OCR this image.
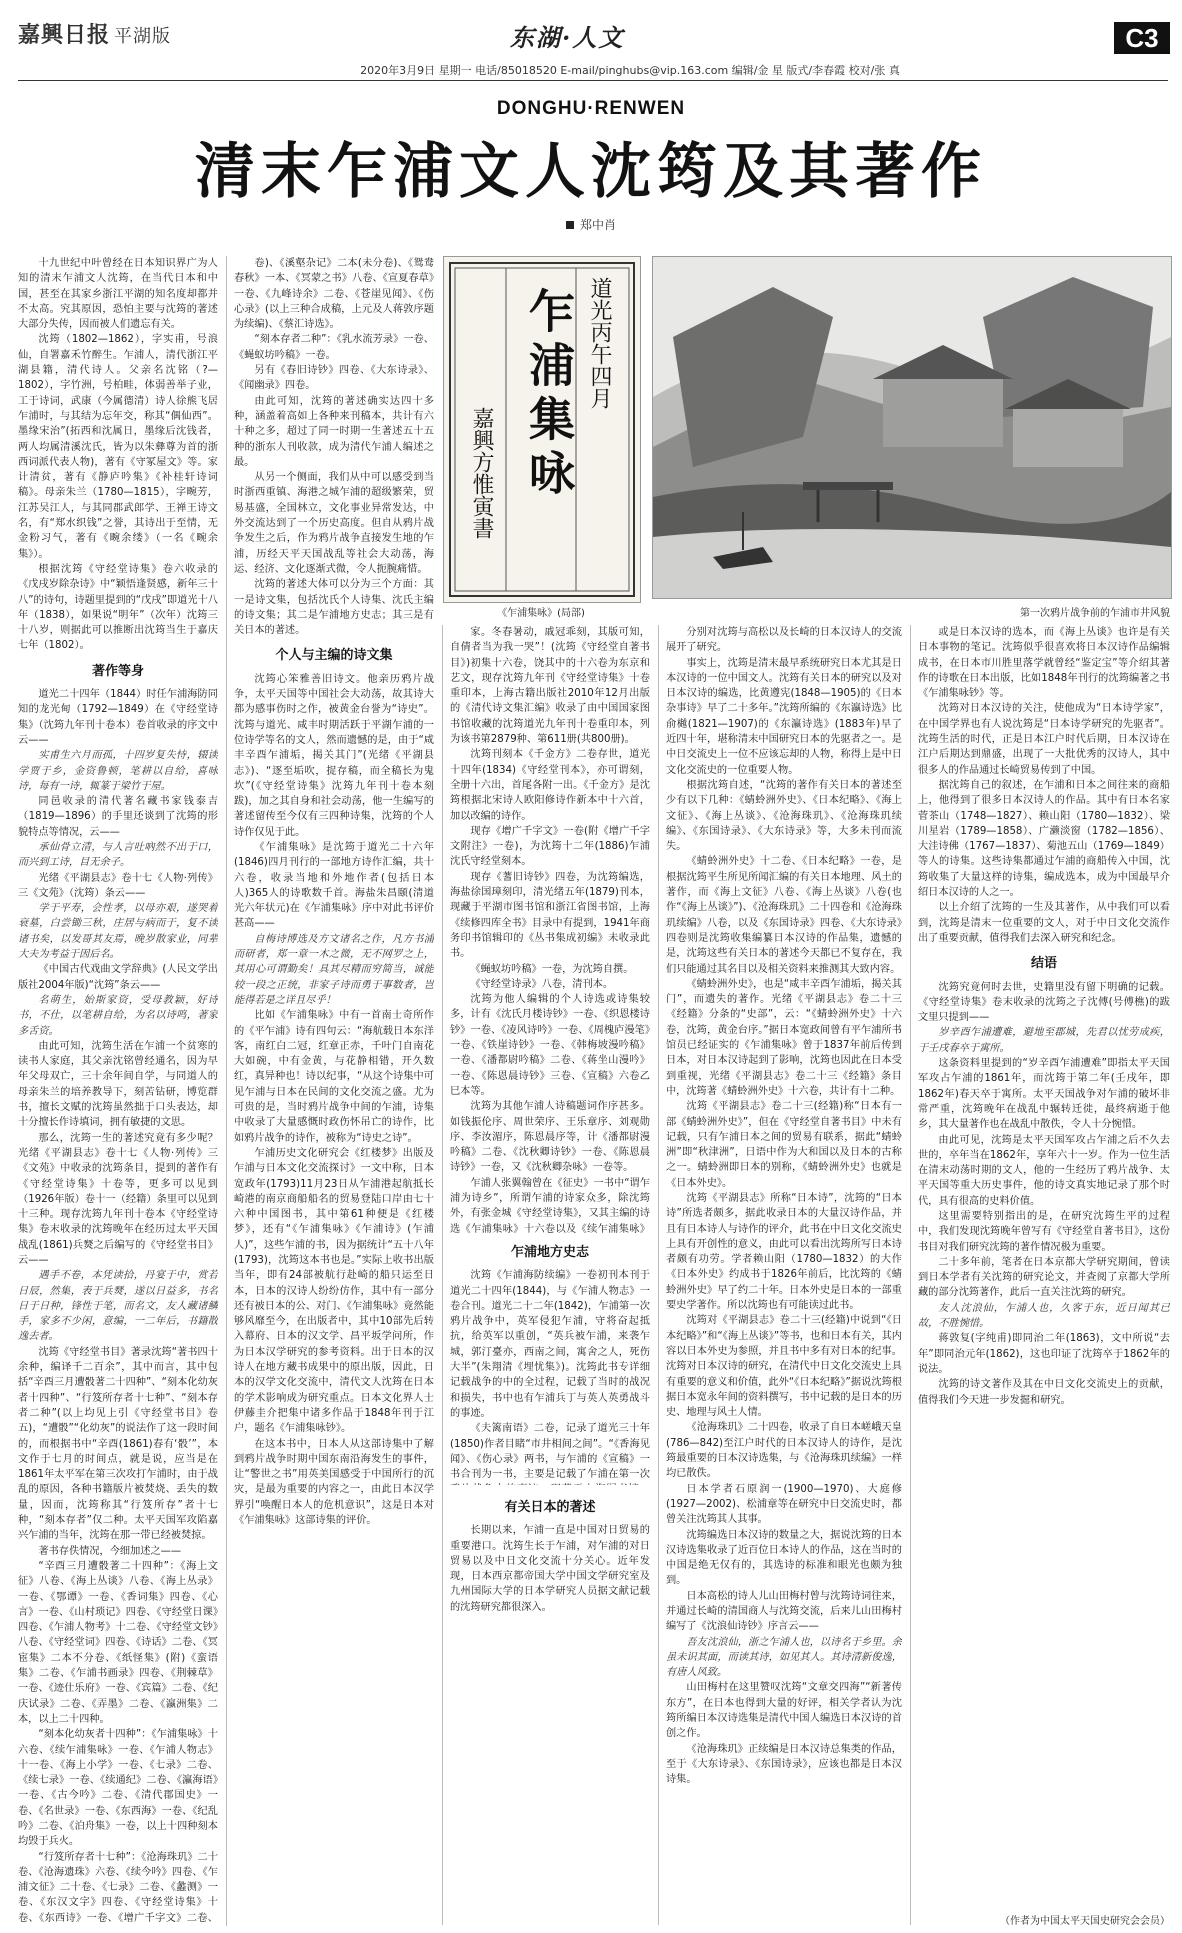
嘉興日报 平湖版	东湖·人文	C3
2020年3月9日 星期一 电话/85018520 E-mail/pinghubs@vip.163.com 编辑/金 星 版式/李春霞 校对/张 真
DONGHU·RENWEN
清末乍浦文人沈筠及其著作
郑中肖

十九世纪中叶曾经在日本知识界广为人知的清末乍浦文人沈筠，在当代日本和中国，甚至在其家乡浙江平湖的知名度却都并不太高。究其原因，恐怕主要与沈筠的著述大部分失传，因而被人们遗忘有关。

沈筠（1802—1862），字实甫，号浪仙，自署嘉禾竹醉生。乍浦人，清代浙江平湖县籍，清代诗人。父亲名沈铭（?—1802），字竹洲，号柏畦，体弱善举子业，工于诗词，武康（今属德清）诗人徐熊飞居乍浦时，与其结为忘年交，称其“偶仙西”。墨缘宋治”(拓西和沈属日，墨缘后沈钱者，两人均属清溪沈氏，皆为以朱彝尊为首的浙西词派代表人物)，著有《守冢屋文》等。家计清贫，著有《静庐吟集》《补桂轩诗词稿》。母亲朱兰（1780—1815），字畹芳，江苏吴江人，与其同郡武郎学、王禅王诗文名，有“郑水织钱”之誉，其诗出于至情，无金粉习气，著有《畹余缕》（一名《畹余集》）。

根据沈筠《守经堂诗集》卷六收录的《戊戌岁除杂诗》中“颖悟逢贤感，新年三十八”的诗句，诗题里提到的“戊戌”即道光十八年（1838），如果说“明年”（次年）沈筠三十八岁，则据此可以推断出沈筠当生于嘉庆七年（1802）。

著作等身

道光二十四年（1844）时任乍浦海防同知的龙光甸（1792—1849）在《守经堂诗集》（沈筠九年刊十卷本）卷首收录的序文中云——

实甫生六月而孤，十四岁复失恃，辍读学贾于乡，金资鲁顿，笔耕以自给，喜咏诗，每有一诗，辄篆于梁竹于屋。

同邑收录的清代著名藏书家钱泰吉（1819—1896）的手里还谈到了沈筠的形貌特点等情况，云——

承仙骨立清，与人言吐吶然不出于口，而兴到工诗，目无余子。

光绪《平湖县志》卷十七《人物·列传》三《文苑》（沈筠）条云——

学于平寿，会性孝，以母亦艰，遂哭着衰墓，白尝锄三秋，庄居与病而于，复不读诸书矣，以发哥其友焉，晚岁散家业，同辈大夫为考益于因后名。

《中国古代戏曲文学辞典》(人民文学出版社2004年版)“沈筠”条云——

名萌生，始斯家资，受母教颖，好诗书，不仕，以笔耕自给，为名以诗鸣，著家多舌资。

由此可知，沈筠生活在乍浦一个贫寒的读书人家庭，其父亲沈铭曾经通名，因为早年父母双亡，三十余年间自学，与同道人的母亲朱兰的培养教导下，刻苦钻研，博览群书，擅长文赋的沈筠虽然拙于口头表达，却十分擅长作诗填词，拥有敏捷的文思。

那么，沈筠一生的著述究竟有多少呢？光绪《平湖县志》卷十七《人物·列传》三《文苑》中收录的沈筠条目，提到的著作有《守经堂诗集》十卷等，更多可以见到（1926年版）卷十一（经籍）条里可以见到十三种。现存沈筠九年刊十卷本《守经堂诗集》卷末收录的沈筠晚年在经历过太平天国战乱(1861)兵燹之后编写的《守经堂书目》云——

遇手不卷，本凭读拾，丹宴于中，赏若日辰，然集，表于兵燹，遂以日益多，书名日于日种，锋性于笔，而名文，友人藏诸鳞手，家多不少闲，意编，一二年后，书籍散逸去者。

沈筠《守经堂书目》著录沈筠“著书四十余种，编译千二百余”，其中而言，其中包括“辛酉三月遭骰著二十四种”、“刻本化幼灰者十四种”、“行笈所存者十七种”、“刻本存者二种”(以上均见上引《守经堂书目》卷五)，“遭骰”“化幼灰”的说法作了这一段时间的，而根据书中“辛酉(1861)春有‘骰’”，本文作于七月的时间点，就是说，应当是在1861年太平军在第三次攻打乍浦时，由于战乱的原因，各种书籍版片被焚烧、丢失的数量，因而，沈筠称其“行笈所存”者十七种，“刻本存者”仅二种。太平天国军攻陷嘉兴乍浦的当年，沈筠在那一带已经被焚掠。

著书存佚情况，今细加述之——

“辛酉三月遭骰著二十四种”：《海上文征》八卷、《海上丛谈》八卷、《海上丛录》一卷、《鄂谭》一卷、《香词集》四卷、《心言》一卷、《山村琐记》四卷、《守经堂日课》四卷、《乍浦人物考》十二卷、《守经堂文钞》八卷、《守经堂词》四卷、《诗话》二卷、《冥宦集》二本不分卷、《纸怪集》(附)《蛮语集》二卷、《乍浦书画录》四卷、《荆棘草》一卷、《迹仕乐府》一卷、《宾篇》二卷、《纪庆试录》二卷、《弄墨》二卷、《瀛洲集》二本，以上二十四种。

“刻本化幼灰者十四种”：《乍浦集咏》十六卷、《续乍浦集咏》一卷、《乍浦人物志》十一卷、《海上小学》一卷、《七录》二卷、《续七录》一卷、《续通纪》二卷、《瀛海语》一卷、《古今吟》二卷、《清代郡国史》一卷、《名世录》一卷、《东西海》一卷、《纪乱吟》二卷、《泊舟集》一卷，以上十四种刻本均毁于兵火。

“行笈所存者十七种”：《沧海珠玑》二十卷、《沧海遗珠》六卷、《续今吟》四卷、《乍浦文征》二十卷、《七录》二卷、《蠡测》一卷、《东汉文字》四卷、《守经堂诗集》十卷、《东西诗》一卷、《增广千字文》二卷、

卷)、《溪壑杂记》二本(未分卷)、《鸳鸯春秋》一本、《冥蒙之书》八卷、《宣夏春草》一卷、《九峰诗余》二卷、《苍崖见闻》、《伤心录》(以上三种合成稿，上元及人蒋敦序题为续编)、《蔡汇诗选》。

“刻本存者二种”：《乳水流芳录》一卷、《蝇蚁坊吟稿》一卷。

另有《春旧诗钞》四卷、《大东诗录》、《闻幽录》四卷。

由此可知，沈筠的著述确实达四十多种，涵盖着高如上各种来刊稿本，共计有六十种之多，超过了同一时期一生著述五十五种的浙东人刊收款，成为清代乍浦人编述之最。

从另一个侧面，我们从中可以感受到当时浙西重镇、海港之城乍浦的超级繁荣，贸易基盛，全国林立，文化事业异常发达，中外交流达到了一个历史高度。但自从鸦片战争发生之后，作为鸦片战争直接发生地的乍浦，历经天平天国战乱等社会大动荡，海运、经济、文化逐渐式微，令人扼腕痛惜。

沈筠的著述大体可以分为三个方面：其一是诗文集，包括沈氏个人诗集、沈氏主编的诗文集；其二是乍浦地方史志；其三是有关日本的著述。

个人与主编的诗文集

沈筠心笨雅善旧诗文。他亲历鸦片战争，太平天国等中国社会大动荡，故其诗大都为感事伤时之作，被黄金台誉为“诗史”。沈筠与道光、咸丰时期活跃于平湖乍浦的一位诗学等名的文人，然而遗憾的是，由于“咸丰辛酉乍浦垢，揭关其门”(光绪《平湖县志》)、“逐至垢吹，捉存稿，而全稿长为鬼坎”(《守经堂诗集》沈筠九年刊十卷本刻跋)，加之其自身和社会动荡，他一生编写的著述留传至今仅有三四种诗集，沈筠的个人诗作仅见于此。

《乍浦集咏》是沈筠于道光二十六年(1846)四月刊行的一部地方诗作汇编，共十六卷，收录当地和外地作者(包括日本人)365人的诗歌数千首。海盐朱昌颐(清道光六年状元)在《乍浦集咏》序中对此书评价甚高——

自梅诗博选及方文诸名之作，凡方书浦而研者，郑一章一木之微，无不网罗之上，其用心可谓勤矣！具其尽精而穷简当，诚能较一段之正统，非家子诗而勇于事数者，岂能得若是之详且尽乎！

比如《乍浦集咏》中有一首南士奇所作的《平乍浦》诗有四句云：“海航载日本东洋客，南红白二冠，红章正赤，千叶门自南花大如碗，中有金黄，与花静相错，开久数红，真异种也！诗以纪事，“从这个诗集中可见乍浦与日本在民间的文化交流之盛。尤为可贵的是，当时鸦片战争中间的乍浦，诗集中收录了大量感慨时政伤怀吊亡的诗作，比如鸦片战争的诗作，被称为“诗史之诗”。

乍浦历史文化研究会《红楼梦》出版及乍浦与日本文化交流探讨》一文中称，日本宽政年(1793)11月23日从乍浦港起航抵长崎港的南京商船船名的贸易登陆口岸由七十六种中国图书，其中第61种便是《红楼梦》，还有“《乍浦集咏》《乍浦诗》(乍浦人)”，这些乍浦的书，因为据统计“五十八年(1793)，沈筠这本书也是。”实际上收书出版当年，即有24部被航行赴崎的船只运至日本，日本的汉诗人纷纷仿作，其中有一部分还有被日本的公、对门、《乍浦集咏》竟然能够风靡至今，在出版者中，其中10部先后转入幕府、日本的汉文学、昌平坂学问所，作为日本汉学研究的参考资料。出于日本的汉诗人在地方藏书成果中的原出版，因此，日本的汉学文化交流中，清代文人沈筠在日本的学术影响成为研究重点。日本文化界人士伊藤圭介把集中诸多作品于1848年刊于江户，题名《乍浦集咏钞》。

在这本书中，日本人从这部诗集中了解到鸦片战争时期中国东南沿海发生的事件，让“警世之书”用英美国感受于中国所行的沉灾，是最为重要的内容之一，由此日本汉学界引“唤醒日本人的危机意识”，这是日本对《乍浦集咏》这部诗集的评价。

道光丙午四月
乍浦集咏
嘉興方惟寅書
《乍浦集咏》(局部)	第一次鸦片战争前的乍浦市井风貌

家。冬春暑动，戚冠乖刻，其版可知，自倩者当为我一哭”！(沈筠《守经堂自著书目》)初集十六卷，饶其中的十六卷为东京和艺文，现存沈筠九年刊《守经堂诗集》十卷重印本，上海古籍出版社2010年12月出版的《清代诗文集汇编》收录了由中国国家图书馆收藏的沈筠道光九年刊十卷重印本，列为该书第2879种、第611册(共800册)。

沈筠刊刻本《千金方》二卷存世，道光十四年(1834)《守经堂刊本》，亦可谓刻，全册十六出，首尾各附一出。《千金方》是沈筠根据北宋诗人欧阳修诗作新本中十六首，加以改编的诗作。

现存《增广千字文》一卷(附《增广千字文附注》一卷)，为沈筠十二年(1886)乍浦沈氏守经堂刻本。

现存《蓍旧诗钞》四卷，为沈筠编选，海盐徐国璋刻印，清光绪五年(1879)刊本，现藏于平湖市图书馆和浙江省图书馆，上海《续修四库全书》目录中有提到，1941年商务印书馆辑印的《丛书集成初编》未收录此书。

《蝇蚁坊吟稿》一卷，为沈筠自撰。

《守经堂诗录》八卷，清刊本。

沈筠为他人编辑的个人诗选或诗集较多，计有《沈氏月楼诗钞》一卷、《织恩楼诗钞》一卷、《凌风诗吟》一卷、《周槐庐漫笔》一卷、《铁崖诗钞》一卷、《韩梅坡漫吟稿》一卷、《潘都尉吟稿》二卷、《蒋坐山漫吟》一卷、《陈恩晨诗钞》三卷、《宣稿》六卷乙巳本等。

沈筠为其他乍浦人诗稿题词作序甚多。如钱振伦序、周世荣序、王乐章序、刘观勋序、李汝湄序，陈恩晨序等，计《潘都尉漫吟稿》二卷、《沈秋卿诗钞》一卷、《陈恩晨诗钞》一卷，又《沈秋卿杂咏》一卷等。

乍浦人张翼翰曾在《征史》一书中“谓乍浦为诗乡”，所谓乍浦的诗家众多，除沈筠外，有张金城《守经堂诗集》，又其主编的诗选《乍浦集咏》十六卷以及《续乍浦集咏》

乍浦地方史志

沈筠《乍浦海防续编》一卷初刊本刊于道光二十四年(1844)，与《乍浦人物志》一卷合刊。道光二十二年(1842)，乍浦第一次鸦片战争中，英军侵犯乍浦，守将奋起抵抗，给英军以重创，“英兵被乍浦，来袭乍城，郭汀臺亦，西南之间，寓舍之人，死伤大半”(朱翔清《埋忧集》)。沈筠此书专详细记载战争的中的全过程，记载了当时的战况和损失，书中也有乍浦兵丁与英人英勇战斗的事迹。

《夫篱南语》二卷，记录了道光三十年(1850)作者目睹“市井相间之间”。“《香海见闻》、《伤心录》两书，与乍浦的《宣稿》一书合刊为一书，主要是记载了乍浦在第一次

有关日本的著述

长期以来，乍浦一直是中国对日贸易的重要港口。沈筠生长于乍浦，对乍浦的对日贸易以及中日文化交流十分关心。近年发现，日本西京都帝国大学中国文学研究室及九州国际大学的日本学研究人员据文献记载的沈筠研究都很深入。

分别对沈筠与高松以及长崎的日本汉诗人的交流展开了研究。

事实上，沈筠是清末最早系统研究日本尤其是日本汉诗的一位中国文人。沈筠有关日本的研究以及对日本汉诗的编选，比黄遵宪(1848—1905)的《日本杂事诗》早了二十多年。”沈筠所编的《东瀛诗选》比俞樾(1821—1907)的《东瀛诗选》(1883年)早了近四十年，堪称清末中国研究日本的先驱者之一。是中日交流史上一位不应该忘却的人物，称得上是中日文化交流史的一位重要人物。

根据沈筠自述，“沈筠的著作有关日本的著述至少有以下几种：《蜻蛉洲外史》、《日本纪略》、《海上文征》、《海上丛谈》、《沧海珠玑》、《沧海珠玑续编》、《东国诗录》、《大东诗录》等，大多未刊而流失。

《蜻蛉洲外史》十二卷、《日本纪略》一卷，是根据沈筠平生所见所闻汇编的有关日本地理、风土的著作，而《海上文征》八卷、《海上丛谈》八卷(也作“《海上丛谈》”)、《沧海珠玑》二十四卷和《沧海珠玑续编》八卷，以及《东国诗录》四卷、《大东诗录》四卷则是沈筠收集编纂日本汉诗的作品集，遗憾的是，沈筠这些有关日本的著述今天都已不复存在，我们只能通过其名目以及相关资料来推测其大致内容。

《蜻蛉洲外史》，也是“咸丰辛酉乍浦垢，揭关其门”，而遗失的著作。光绪《平湖县志》卷二十三《经籍》分条的“史部”，云：“《蜻蛉洲外史》十六卷，沈筠，黄金台序。”据日本宽政间曾有平乍浦所书馆员已经证实的《乍浦集咏》曾于1837年前后传到日本，对日本汉诗起到了影响，沈筠也因此在日本受到重视，光绪《平湖县志》卷二十三《经籍》条目中，沈筠著《蜻蛉洲外史》十六卷，共计有十二种。

沈筠《平湖县志》卷二十三(经籍)称“日本有一部《蜻蛉洲外史》”，但在《守经堂自著书目》中未有记载，只有乍浦日本之间的贸易有联系，据此“蜻蛉洲”即“秋津洲”，日语中作为大和国以及日本的古称之一。蜻蛉洲即日本的别称，《蜻蛉洲外史》也就是《日本外史》。

沈筠《平湖县志》所称“日本诗”，沈筠的“日本诗”所选者颇多，据此收录日本的大量汉诗作品，并且有日本诗人与诗作的评介，此书在中日文化交流史上具有开创性的意义，由此可以看出沈筠所写日本诗者颇有功劳。学者赖山阳（1780—1832）的大作《日本外史》约成书于1826年前后，比沈筠的《蜻蛉洲外史》早了约二十年。日本外史是日本的一部重要史学著作。所以沈筠也有可能读过此书。

沈筠对《平湖县志》卷二十三(经籍)中说到“《日本纪略》”和“《海上丛谈》”等书，也和日本有关，其内容以日本外史为参照，并且书中多有对日本的纪事。沈筠对日本汉诗的研究，在清代中日文化交流史上具有重要的意义和价值，此外“《日本纪略》”据说沈筠根据日本宽永年间的资料撰写，书中记载的是日本的历史、地理与风土人情。

《沧海珠玑》二十四卷，收录了自日本嵯峨天皇(786—842)至江户时代的日本汉诗人的诗作，是沈筠最重要的日本汉诗选集，与《沧海珠玑续编》一样均已散佚。

日本学者石原润一(1900—1970)、大庭修(1927—2002)、松浦章等在研究中日交流史时，都曾关注沈筠其人其事。

沈筠编选日本汉诗的数量之大，据说沈筠的日本汉诗选集收录了近百位日本诗人的作品，这在当时的中国是绝无仅有的，其选诗的标准和眼光也颇为独到。

日本高松的诗人儿山田梅村曾与沈筠诗词往来，并通过长崎的清国商人与沈筠交流，后来儿山田梅村编写了《沈浪仙诗钞》序言云——

吾友沈浪仙，浙之乍浦人也，以诗名于乡里。余虽未识其面，而读其诗，如见其人。其诗清新俊逸，有唐人风致。

山田梅村在这里赞叹沈筠“文章交四海”“新著传东方”，在日本也得到大量的好评，相关学者认为沈筠所编日本汉诗选集是清代中国人编选日本汉诗的首创之作。

《沧海珠玑》正续编是日本汉诗总集类的作品，至于《大东诗录》、《东国诗录》，应该也都是日本汉诗集。

或是日本汉诗的选本，而《海上丛谈》也许是有关日本事物的笔记。沈筠似乎很喜欢将日本汉诗作品编辑成书，在日本市川胜里落学就曾经“鉴定宝”等介绍其著作的诗歌在日本出版，比如1848年刊行的沈筠编著之书《乍浦集咏钞》等。

沈筠对日本汉诗的关注，使他成为“日本诗学家”，在中国学界也有人说沈筠是“日本诗学研究的先驱者”。沈筠生活的时代，正是日本江户时代后期，日本汉诗在江户后期达到鼎盛，出现了一大批优秀的汉诗人，其中很多人的作品通过长崎贸易传到了中国。

据沈筠自己的叙述，在乍浦和日本之间往来的商船上，他得到了很多日本汉诗人的作品。其中有日本名家菅茶山（1748—1827）、赖山阳（1780—1832）、梁川星岩（1789—1858）、广濑淡窗（1782—1856）、大洼诗佛（1767—1837）、菊池五山（1769—1849）等人的诗集。这些诗集都通过乍浦的商船传入中国，沈筠收集了大量这样的诗集，编成选本，成为中国最早介绍日本汉诗的人之一。

以上介绍了沈筠的一生及其著作，从中我们可以看到，沈筠是清末一位重要的文人，对于中日文化交流作出了重要贡献，值得我们去深入研究和纪念。

结语

沈筠究竟何时去世，史籍里没有留下明确的记载。《守经堂诗集》卷末收录的沈筠之子沈傅(号傅樵)的跋文里只提到——

岁辛酉乍浦遭难，避地至郡城，先君以忧劳成疾，于壬戌春卒于寓所。

这条资料里提到的“岁辛酉乍浦遭难”即指太平天国军攻占乍浦的1861年，而沈筠于第二年(壬戌年，即1862年)春天卒于寓所。太平天国战争对乍浦的破坏非常严重，沈筠晚年在战乱中辗转迁徙，最终病逝于他乡，其大量著作也在战乱中散佚，令人十分惋惜。

由此可见，沈筠是太平天国军攻占乍浦之后不久去世的，卒年当在1862年，享年六十一岁。作为一位生活在清末动荡时期的文人，他的一生经历了鸦片战争、太平天国等重大历史事件，他的诗文真实地记录了那个时代，具有很高的史料价值。

这里需要特别指出的是，在研究沈筠生平的过程中，我们发现沈筠晚年曾写有《守经堂自著书目》，这份书目对我们研究沈筠的著作情况极为重要。

二十多年前，笔者在日本京都大学研究期间，曾读到日本学者有关沈筠的研究论文，并查阅了京都大学所藏的部分沈筠著作，此后一直关注沈筠的研究。

友人沈浪仙，乍浦人也，久客于东，近日闻其已故，不胜惋惜。

蒋敦复(字纯甫)即同治二年(1863)，文中所说“去年”即同治元年(1862)，这也印证了沈筠卒于1862年的说法。

沈筠的诗文著作及其在中日文化交流史上的贡献，值得我们今天进一步发掘和研究。

（作者为中国太平天国史研究会会员）
